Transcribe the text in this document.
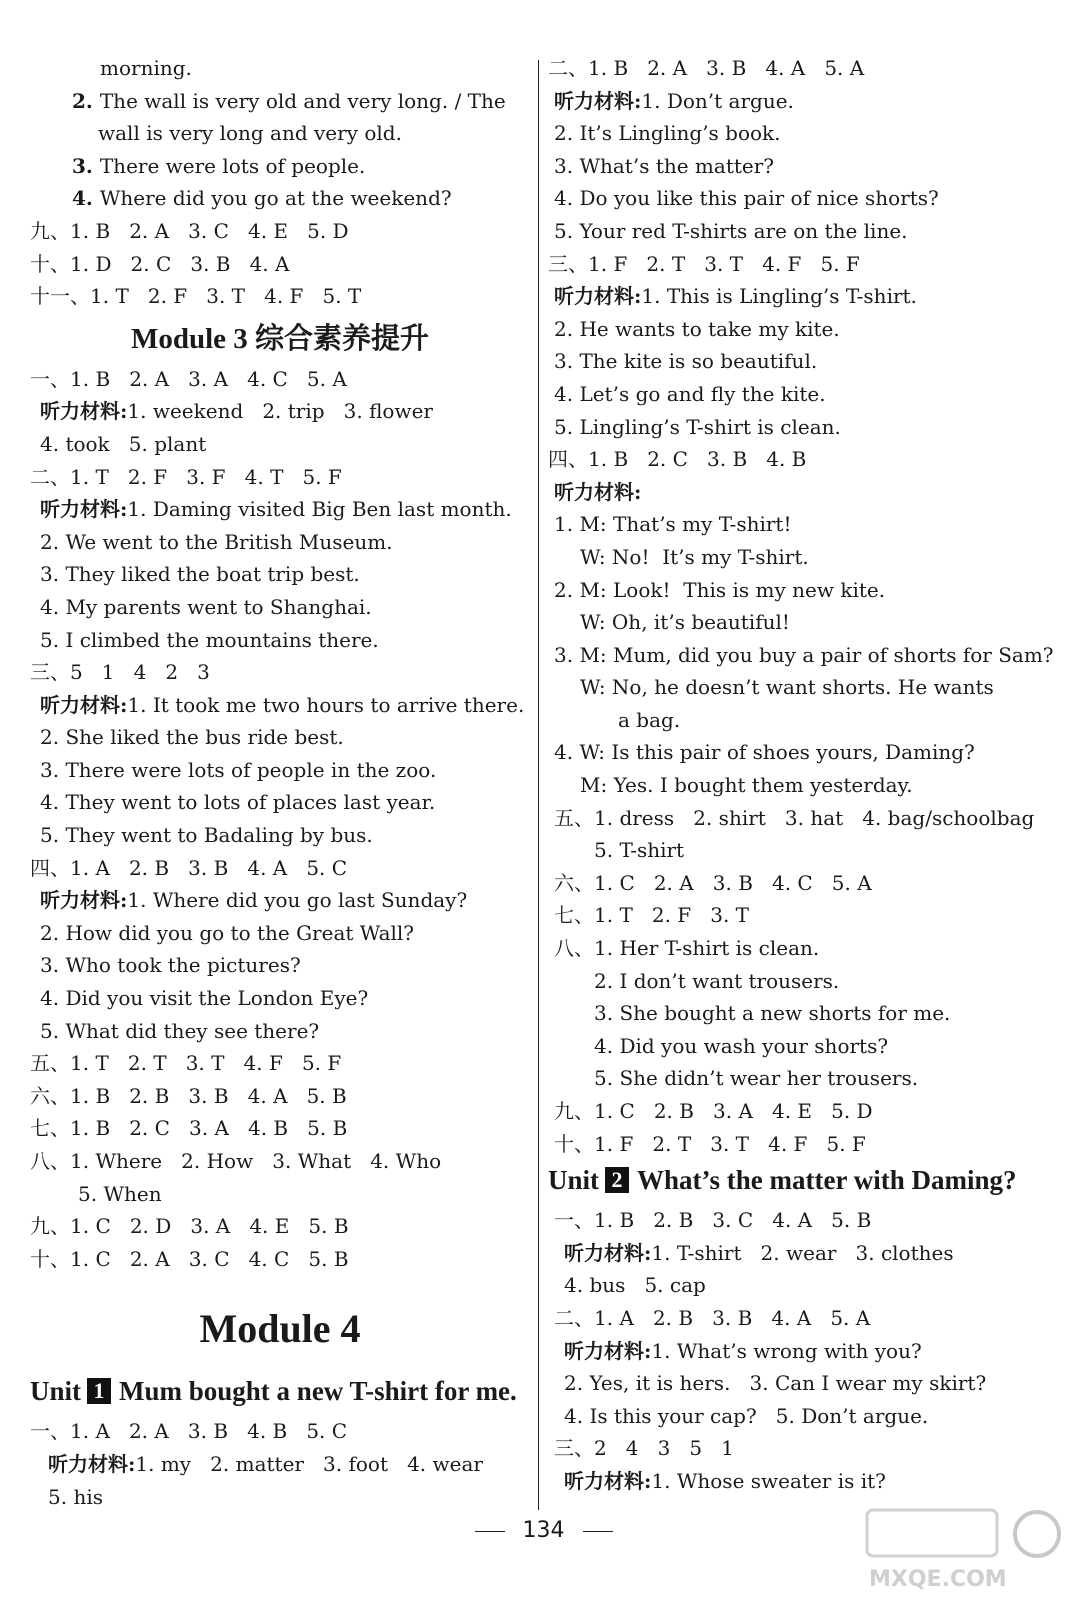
morning.
2. The wall is very old and very long. / The
wall is very long and very old.
3. There were lots of people.
4. Where did you go at the weekend?
九、1. B   2. A   3. C   4. E   5. D
十、1. D   2. C   3. B   4. A
十一、1. T   2. F   3. T   4. F   5. T
Module 3 综合素养提升
一、1. B   2. A   3. A   4. C   5. A
听力材料:1. weekend   2. trip   3. flower
4. took   5. plant
二、1. T   2. F   3. F   4. T   5. F
听力材料:1. Daming visited Big Ben last month.
2. We went to the British Museum.
3. They liked the boat trip best.
4. My parents went to Shanghai.
5. I climbed the mountains there.
三、5   1   4   2   3
听力材料:1. It took me two hours to arrive there.
2. She liked the bus ride best.
3. There were lots of people in the zoo.
4. They went to lots of places last year.
5. They went to Badaling by bus.
四、1. A   2. B   3. B   4. A   5. C
听力材料:1. Where did you go last Sunday?
2. How did you go to the Great Wall?
3. Who took the pictures?
4. Did you visit the London Eye?
5. What did they see there?
五、1. T   2. T   3. T   4. F   5. F
六、1. B   2. B   3. B   4. A   5. B
七、1. B   2. C   3. A   4. B   5. B
八、1. Where   2. How   3. What   4. Who
5. When
九、1. C   2. D   3. A   4. E   5. B
十、1. C   2. A   3. C   4. C   5. B
Module 4
Unit 1 Mum bought a new T-shirt for me.
一、1. A   2. A   3. B   4. B   5. C
听力材料:1. my   2. matter   3. foot   4. wear
5. his
二、1. B   2. A   3. B   4. A   5. A
听力材料:1. Don’t argue.
2. It’s Lingling’s book.
3. What’s the matter?
4. Do you like this pair of nice shorts?
5. Your red T-shirts are on the line.
三、1. F   2. T   3. T   4. F   5. F
听力材料:1. This is Lingling’s T-shirt.
2. He wants to take my kite.
3. The kite is so beautiful.
4. Let’s go and fly the kite.
5. Lingling’s T-shirt is clean.
四、1. B   2. C   3. B   4. B
听力材料:
1. M: That’s my T-shirt!
W: No!  It’s my T-shirt.
2. M: Look!  This is my new kite.
W: Oh, it’s beautiful!
3. M: Mum, did you buy a pair of shorts for Sam?
W: No, he doesn’t want shorts. He wants
a bag.
4. W: Is this pair of shoes yours, Daming?
M: Yes. I bought them yesterday.
五、1. dress   2. shirt   3. hat   4. bag/schoolbag
5. T-shirt
六、1. C   2. A   3. B   4. C   5. A
七、1. T   2. F   3. T
八、1. Her T-shirt is clean.
2. I don’t want trousers.
3. She bought a new shorts for me.
4. Did you wash your shorts?
5. She didn’t wear her trousers.
九、1. C   2. B   3. A   4. E   5. D
十、1. F   2. T   3. T   4. F   5. F
Unit 2 What’s the matter with Daming?
一、1. B   2. B   3. C   4. A   5. B
听力材料:1. T-shirt   2. wear   3. clothes
4. bus   5. cap
二、1. A   2. B   3. B   4. A   5. A
听力材料:1. What’s wrong with you?
2. Yes, it is hers.   3. Can I wear my skirt?
4. Is this your cap?   5. Don’t argue.
三、2   4   3   5   1
听力材料:1. Whose sweater is it?
134
MXQE.COM
